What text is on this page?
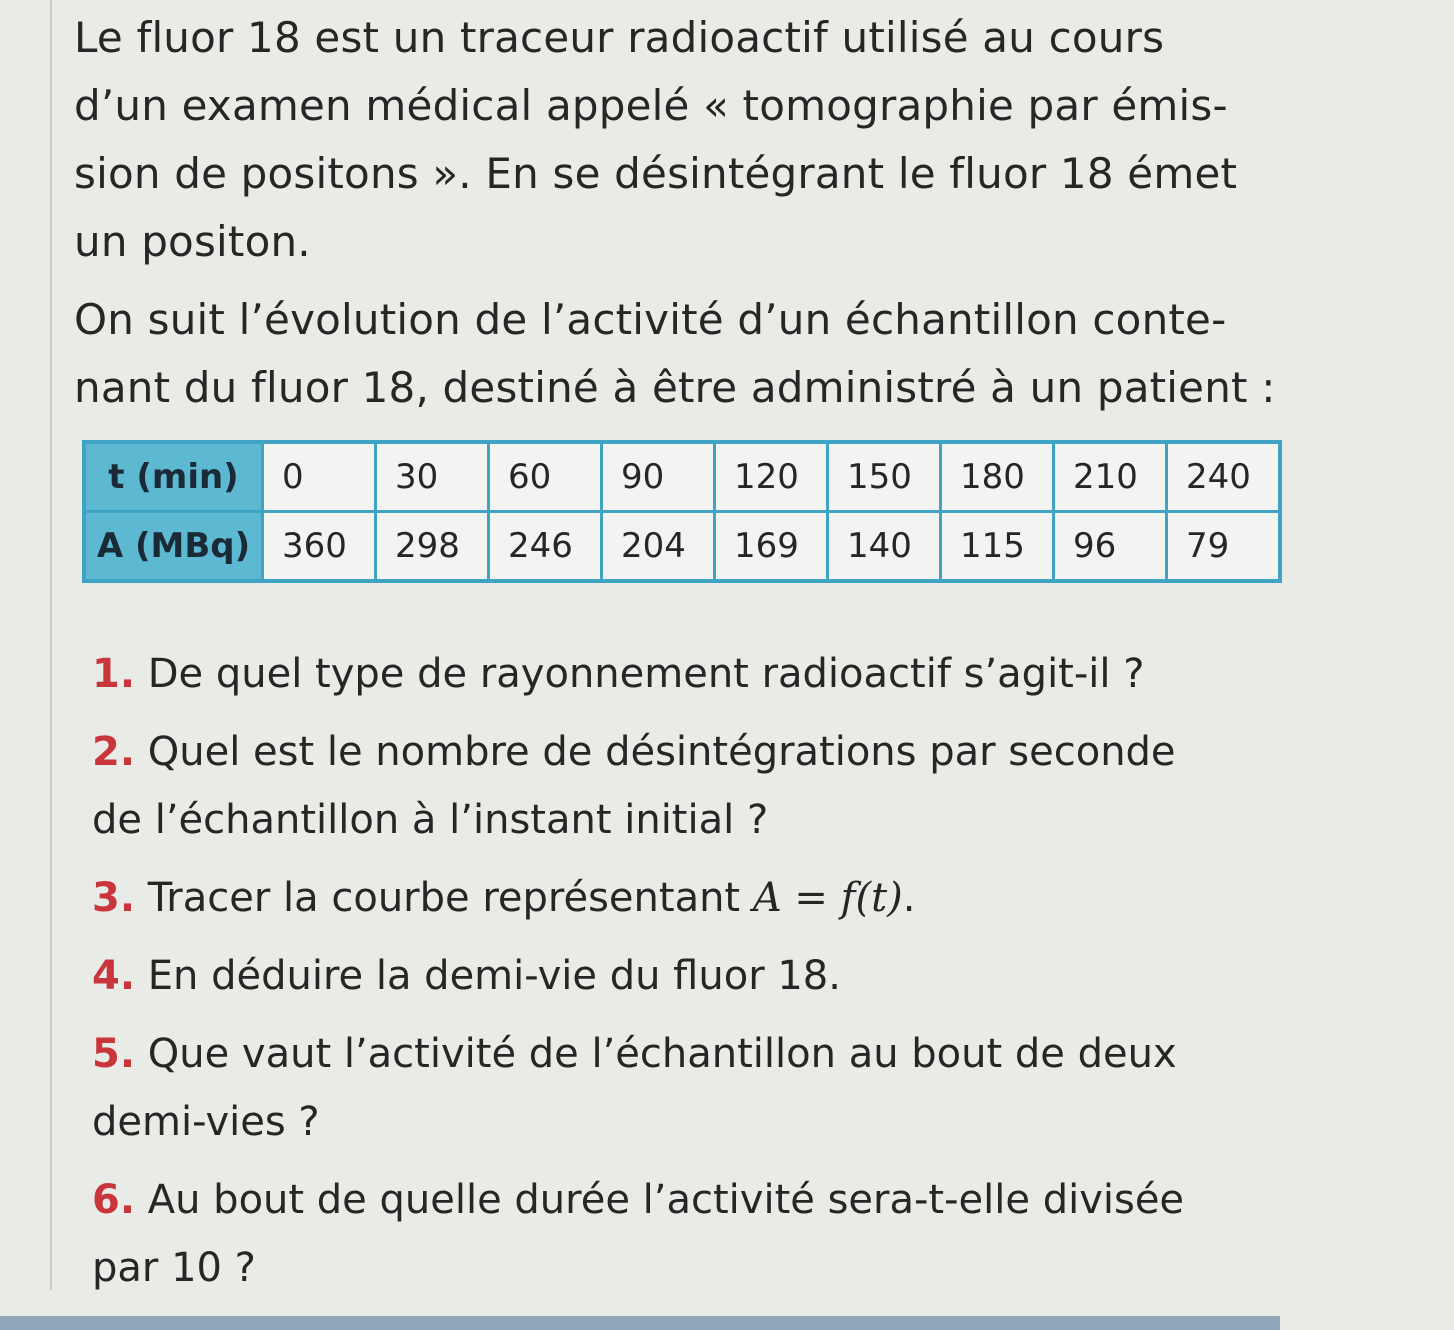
Le fluor 18 est un traceur radioactif utilisé au cours
d’un examen médical appelé « tomographie par émis-
sion de positons ». En se désintégrant le fluor 18 émet
un positon.

On suit l’évolution de l’activité d’un échantillon conte-
nant du fluor 18, destiné à être administré à un patient :

t (min)	0	30	60	90	120	150	180	210	240
A (MBq)	360	298	246	204	169	140	115	96	79

1. De quel type de rayonnement radioactif s’agit-il ?

2. Quel est le nombre de désintégrations par seconde
de l’échantillon à l’instant initial ?

3. Tracer la courbe représentant A = f(t).

4. En déduire la demi-vie du fluor 18.

5. Que vaut l’activité de l’échantillon au bout de deux
demi-vies ?

6. Au bout de quelle durée l’activité sera-t-elle divisée
par 10 ?
